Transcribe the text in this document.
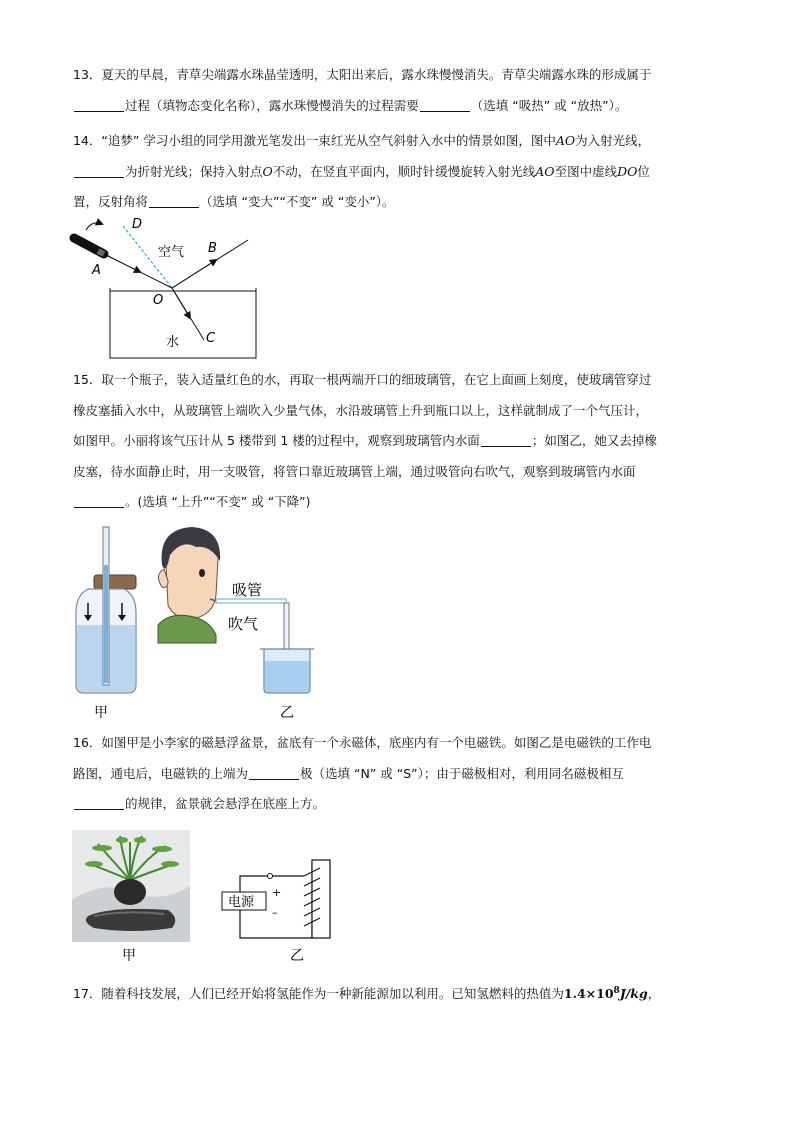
13．夏天的早晨，青草尖端露水珠晶莹透明，太阳出来后，露水珠慢慢消失。青草尖端露水珠的形成属于

过程（填物态变化名称），露水珠慢慢消失的过程需要	（选填 “吸热” 或 “放热”）。

14．“追梦” 学习小组的同学用激光笔发出一束红光从空气斜射入水中的情景如图，图中AO为入射光线，

为折射光线；保持入射点O不动，在竖直平面内，顺时针缓慢旋转入射光线AO至图中虚线DO位

置，反射角将	（选填 “变大”“不变” 或 “变小”）。

D
空气 B
A
O
水 C

15．取一个瓶子，装入适量红色的水，再取一根两端开口的细玻璃管，在它上面画上刻度，使玻璃管穿过

橡皮塞插入水中，从玻璃管上端吹入少量气体，水沿玻璃管上升到瓶口以上，这样就制成了一个气压计，

如图甲。小丽将该气压计从 5 楼带到 1 楼的过程中，观察到玻璃管内水面	；如图乙，她又去掉橡

皮塞，待水面静止时，用一支吸管，将管口靠近玻璃管上端，通过吸管向右吹气，观察到玻璃管内水面

。(选填 “上升”“不变” 或 “下降”)

甲
吸管
吹气
乙

16．如图甲是小李家的磁悬浮盆景，盆底有一个永磁体，底座内有一个电磁铁。如图乙是电磁铁的工作电

路图，通电后，电磁铁的上端为	极（选填 “N” 或 “S”）；由于磁极相对，利用同名磁极相互

的规律，盆景就会悬浮在底座上方。

甲
电源
+
–
乙

17．随着科技发展，人们已经开始将氢能作为一种新能源加以利用。已知氢燃料的热值为$1.4\times 10^8J/kg$，
